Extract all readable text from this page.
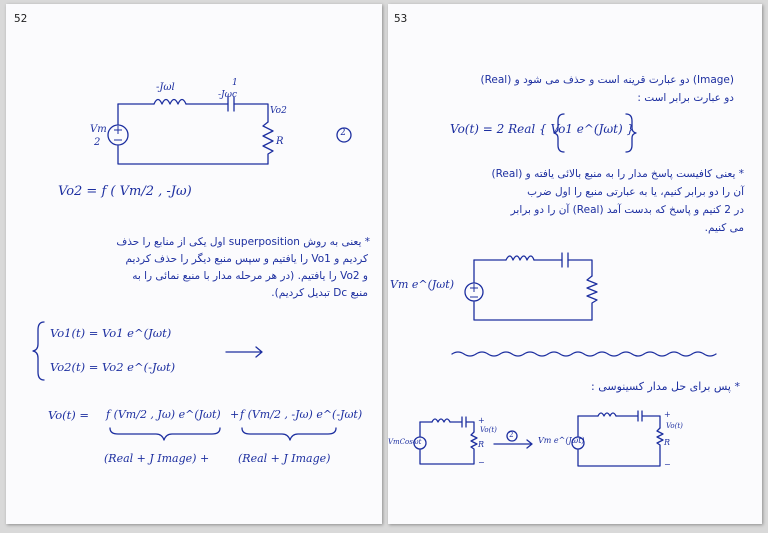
52
-Jωl	1
-Jωc
Vo2
R
Vm
2
2
Vo2 = f ( Vm/2 , -Jω)
* یعنی به روش superposition اول یکی از منابع را حذف
کردیم و Vo1 را یافتیم و سپس منبع دیگر را حذف کردیم
و Vo2 را یافتیم. (در هر مرحله مدار با منبع نمائی را به
منبع Dc تبدیل کردیم).
Vo1(t) = Vo1 e^(Jωt)
Vo2(t) = Vo2 e^(-Jωt)
Vo(t) = f (Vm/2 , Jω) e^(Jωt) + f (Vm/2 , -Jω) e^(-Jωt)
(Real + J Image) +	(Real + J Image)
53
(Image) دو عبارت قرینه است و حذف می شود و (Real)
دو عبارت برابر است :
Vo(t) = 2 Real { Vo1 e^(Jωt) }
* یعنی کافیست پاسخ مدار را به منبع بالائی یافته و (Real)
آن را دو برابر کنیم، یا به عبارتی منبع را اول ضرب
در 2 کنیم و پاسخ که بدست آمد (Real) آن را دو برابر
می کنیم.
Vm e^(Jωt)
* پس برای حل مدار کسینوسی :
VmCosωt
+
Vo(t)
R
−
2
Vm e^(Jωt)
+
Vo(t)
R
−
